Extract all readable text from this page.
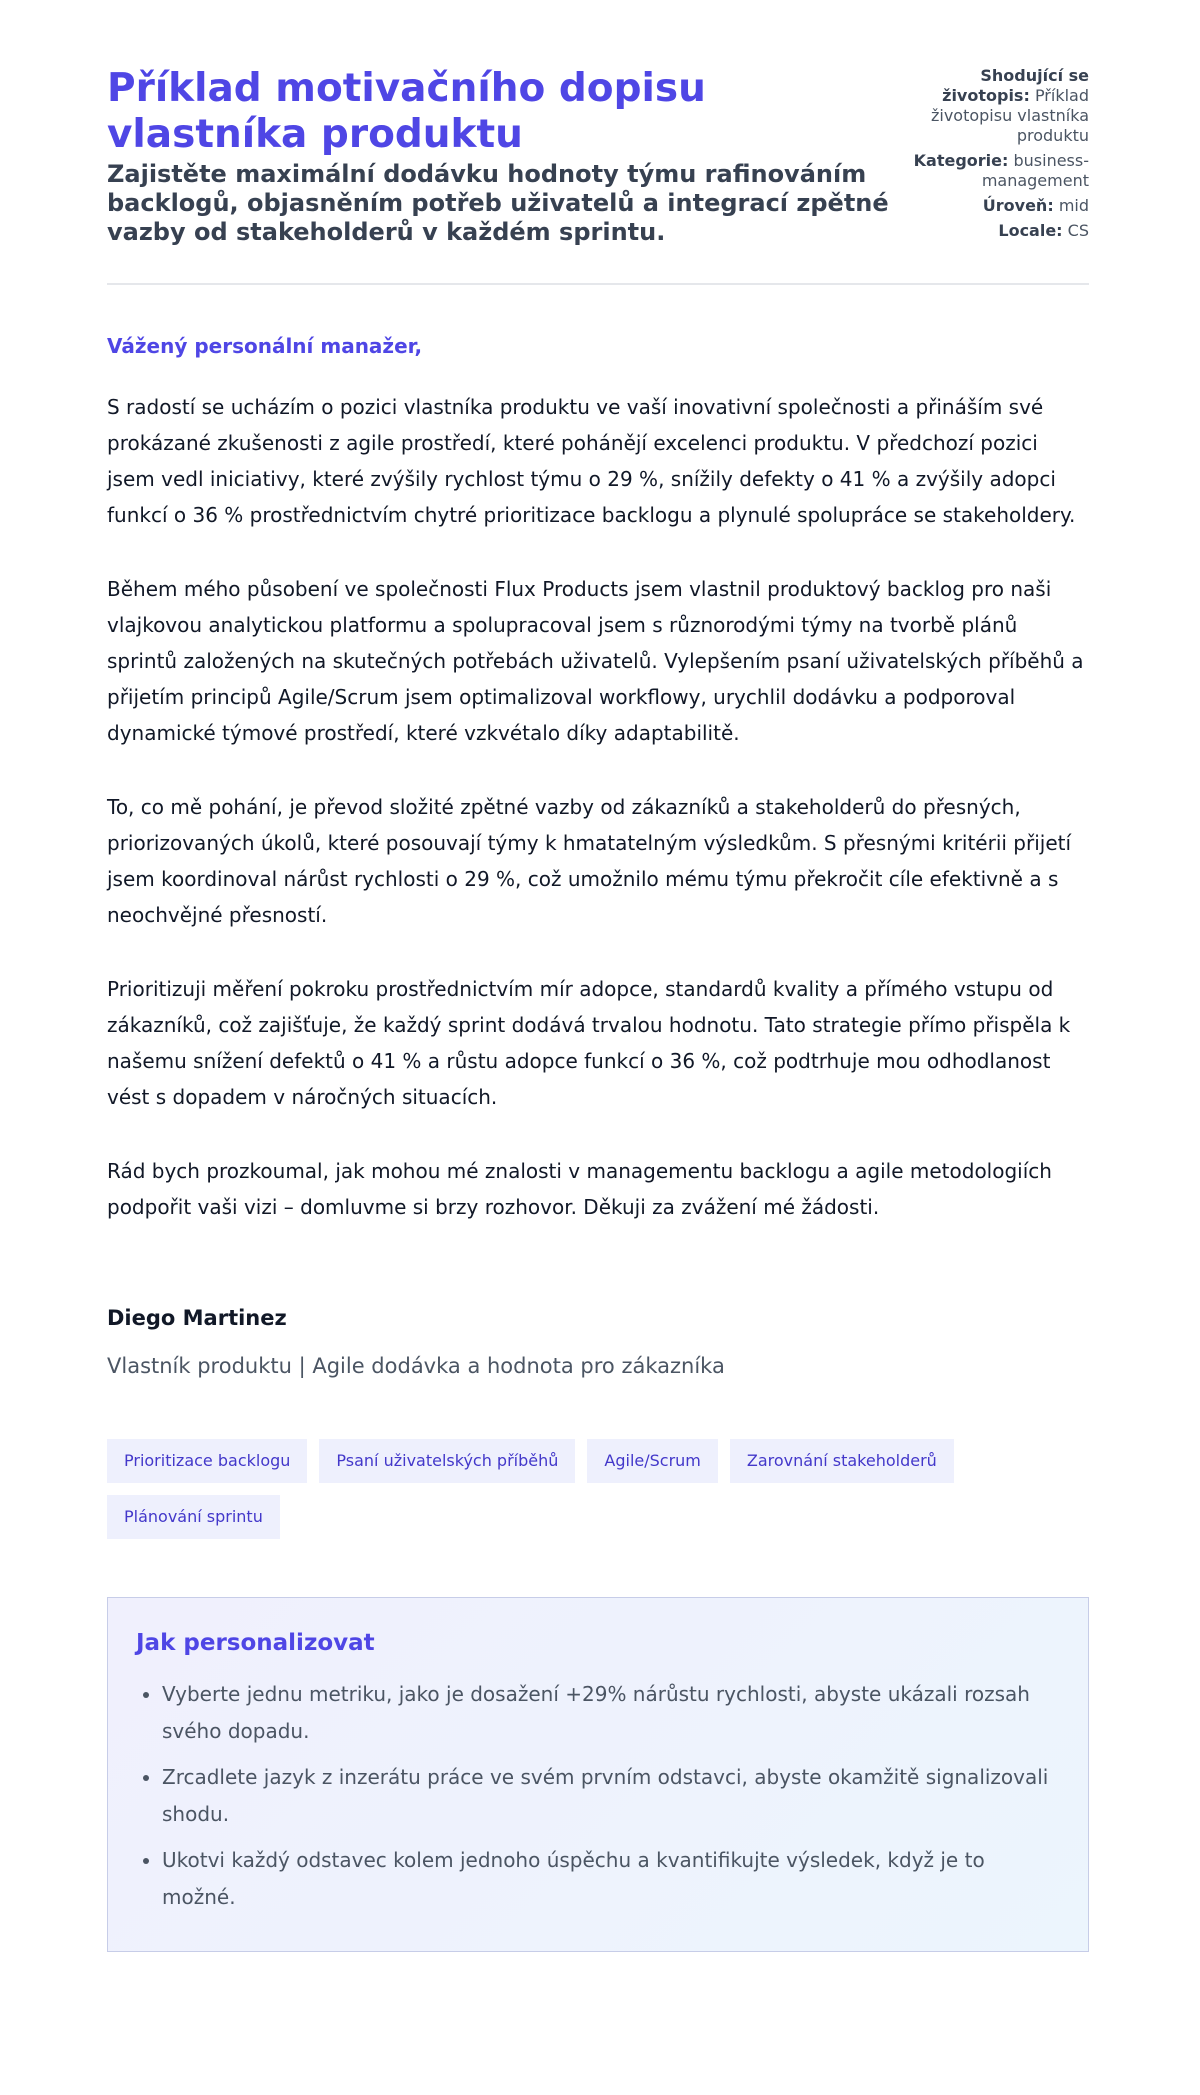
Příklad motivačního dopisu vlastníka produktu
Zajistěte maximální dodávku hodnoty týmu rafinováním backlogů, objasněním potřeb uživatelů a integrací zpětné vazby od stakeholderů v každém sprintu.
Shodující se životopis: Příklad životopisu vlastníka produktu
Kategorie: business-management
Úroveň: mid
Locale: CS
Vážený personální manažer,

S radostí se ucházím o pozici vlastníka produktu ve vaší inovativní společnosti a přináším své prokázané zkušenosti z agile prostředí, které pohánějí excelenci produktu. V předchozí pozici jsem vedl iniciativy, které zvýšily rychlost týmu o 29 %, snížily defekty o 41 % a zvýšily adopci funkcí o 36 % prostřednictvím chytré prioritizace backlogu a plynulé spolupráce se stakeholdery.

Během mého působení ve společnosti Flux Products jsem vlastnil produktový backlog pro naši vlajkovou analytickou platformu a spolupracoval jsem s různorodými týmy na tvorbě plánů sprintů založených na skutečných potřebách uživatelů. Vylepšením psaní uživatelských příběhů a přijetím principů Agile/Scrum jsem optimalizoval workflowy, urychlil dodávku a podporoval dynamické týmové prostředí, které vzkvétalo díky adaptabilitě.

To, co mě pohání, je převod složité zpětné vazby od zákazníků a stakeholderů do přesných, priorizovaných úkolů, které posouvají týmy k hmatatelným výsledkům. S přesnými kritérii přijetí jsem koordinoval nárůst rychlosti o 29 %, což umožnilo mému týmu překročit cíle efektivně a s neochvějné přesností.

Prioritizuji měření pokroku prostřednictvím mír adopce, standardů kvality a přímého vstupu od zákazníků, což zajišťuje, že každý sprint dodává trvalou hodnotu. Tato strategie přímo přispěla k našemu snížení defektů o 41 % a růstu adopce funkcí o 36 %, což podtrhuje mou odhodlanost vést s dopadem v náročných situacích.

Rád bych prozkoumal, jak mohou mé znalosti v managementu backlogu a agile metodologiích podpořit vaši vizi – domluvme si brzy rozhovor. Děkuji za zvážení mé žádosti.

Diego Martinez
Vlastník produktu | Agile dodávka a hodnota pro zákazníka
Prioritizace backlogu	Psaní uživatelských příběhů	Agile/Scrum	Zarovnání stakeholderů
Plánování sprintu
Jak personalizovat
• Vyberte jednu metriku, jako je dosažení +29% nárůstu rychlosti, abyste ukázali rozsah svého dopadu.
• Zrcadlete jazyk z inzerátu práce ve svém prvním odstavci, abyste okamžitě signalizovali shodu.
• Ukotvi každý odstavec kolem jednoho úspěchu a kvantifikujte výsledek, když je to možné.
